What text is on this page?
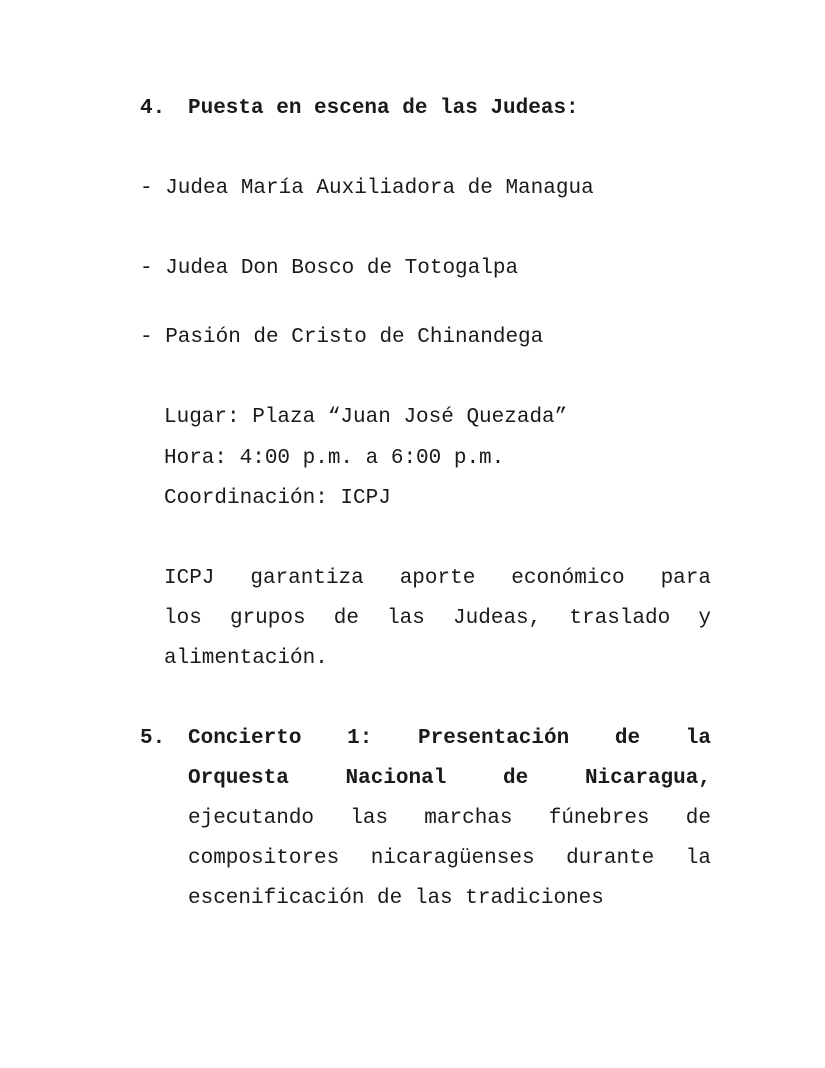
4. Puesta en escena de las Judeas:
- Judea María Auxiliadora de Managua
- Judea Don Bosco de Totogalpa
- Pasión de Cristo de Chinandega
Lugar: Plaza “Juan José Quezada”
Hora: 4:00 p.m. a 6:00 p.m.
Coordinación: ICPJ
ICPJ garantiza aporte económico para
los grupos de las Judeas, traslado y
alimentación.
5. Concierto 1: Presentación de la
Orquesta	Nacional	de	Nicaragua,
ejecutando las marchas fúnebres de
compositores nicaragüenses durante la
escenificación de las tradiciones
